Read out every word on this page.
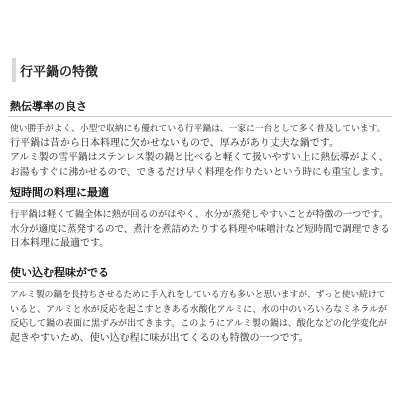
行平鍋の特徴
熱伝導率の良さ
使い勝手がよく、小型で収納にも優れている行平鍋は、一家に一台として多く普及しています。
行平鍋は昔から日本料理に欠かせないもので、厚みがあり丈夫な鍋です。
アルミ製の雪平鍋はステンレス製の鍋と比べると軽くて扱いやすい上に熱伝導がよく、
お湯もすぐに沸かせるので、できるだけ早く料理を作りたいという時にも重宝します。
短時間の料理に最適
行平鍋は軽くて鍋全体に熱が回るのがはやく、水分が蒸発しやすいことが特徴の一つです。
水分が適度に蒸発するので、煮汁を煮詰めたりする料理や味噌汁など短時間で調理できる
日本料理に最適です。
使い込む程味がでる
アルミ製の鍋を長持ちさせるために手入れをしている方も多いと思いますが、ずっと使い続けて
いると、アルミと水が反応を起こすときある水酸化アルミに、水の中のいろいろなミネラルが
反応して鍋の表面に黒ずみが出てきます。このようにアルミ製の鍋は、酸化などの化学変化が
起きやすいため、使い込む程に味が出てくるのも特徴の一つです。
